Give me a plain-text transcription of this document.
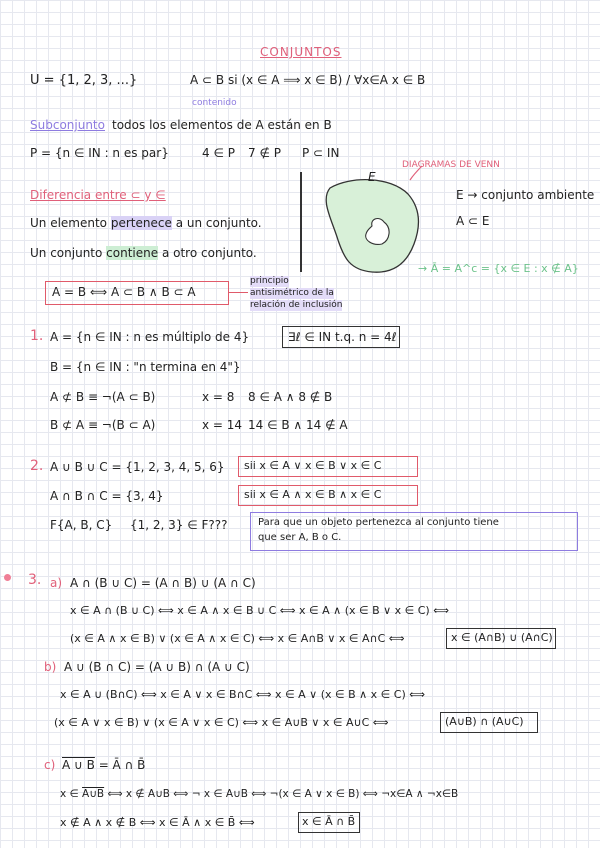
CONJUNTOS
U = {1, 2, 3, ...}	A ⊂ B si (x ∈ A ⟹ x ∈ B) / ∀x∈A x ∈ B
contenido
Subconjunto todos los elementos de A están en B
P = {n ∈ IN : n es par}	4 ∈ P 7 ∉ P P ⊂ IN
Diferencia entre ⊂ y ∈
Un elemento pertenece a un conjunto.
Un conjunto contiene a otro conjunto.
E
DIAGRAMAS DE VENN
E → conjunto ambiente
A ⊂ E
→ Ā = A^c = {x ∈ E : x ∉ A}
A = B ⟺ A ⊂ B ∧ B ⊂ A
principio
antisimétrico de la
relación de inclusión
1. A = {n ∈ IN : n es múltiplo de 4}	∃ℓ ∈ IN t.q. n = 4ℓ
B = {n ∈ IN : "n termina en 4"}
A ⊄ B ≡ ¬(A ⊂ B)	x = 8 8 ∈ A ∧ 8 ∉ B
B ⊄ A ≡ ¬(B ⊂ A)	x = 14 14 ∈ B ∧ 14 ∉ A
2. A ∪ B ∪ C = {1, 2, 3, 4, 5, 6} sii x ∈ A ∨ x ∈ B ∨ x ∈ C
A ∩ B ∩ C = {3, 4}	sii x ∈ A ∧ x ∈ B ∧ x ∈ C
F{A, B, C} {1, 2, 3} ∈ F???	Para que un objeto pertenezca al conjunto tiene
que ser A, B o C.
3. a) A ∩ (B ∪ C) = (A ∩ B) ∪ (A ∩ C)
x ∈ A ∩ (B ∪ C) ⟺ x ∈ A ∧ x ∈ B ∪ C ⟺ x ∈ A ∧ (x ∈ B ∨ x ∈ C) ⟺
(x ∈ A ∧ x ∈ B) ∨ (x ∈ A ∧ x ∈ C) ⟺ x ∈ A∩B ∨ x ∈ A∩C ⟺	x ∈ (A∩B) ∪ (A∩C)
b) A ∪ (B ∩ C) = (A ∪ B) ∩ (A ∪ C)
x ∈ A ∪ (B∩C) ⟺ x ∈ A ∨ x ∈ B∩C ⟺ x ∈ A ∨ (x ∈ B ∧ x ∈ C) ⟺
(x ∈ A ∨ x ∈ B) ∨ (x ∈ A ∨ x ∈ C) ⟺ x ∈ A∪B ∨ x ∈ A∪C ⟺	(A∪B) ∩ (A∪C)
c) A ∪ B = Ā ∩ B̄
x ∈ A∪B ⟺ x ∉ A∪B ⟺ ¬ x ∈ A∪B ⟺ ¬(x ∈ A ∨ x ∈ B) ⟺ ¬x∈A ∧ ¬x∈B
x ∉ A ∧ x ∉ B ⟺ x ∈ Ā ∧ x ∈ B̄ ⟺	x ∈ Ā ∩ B̄
